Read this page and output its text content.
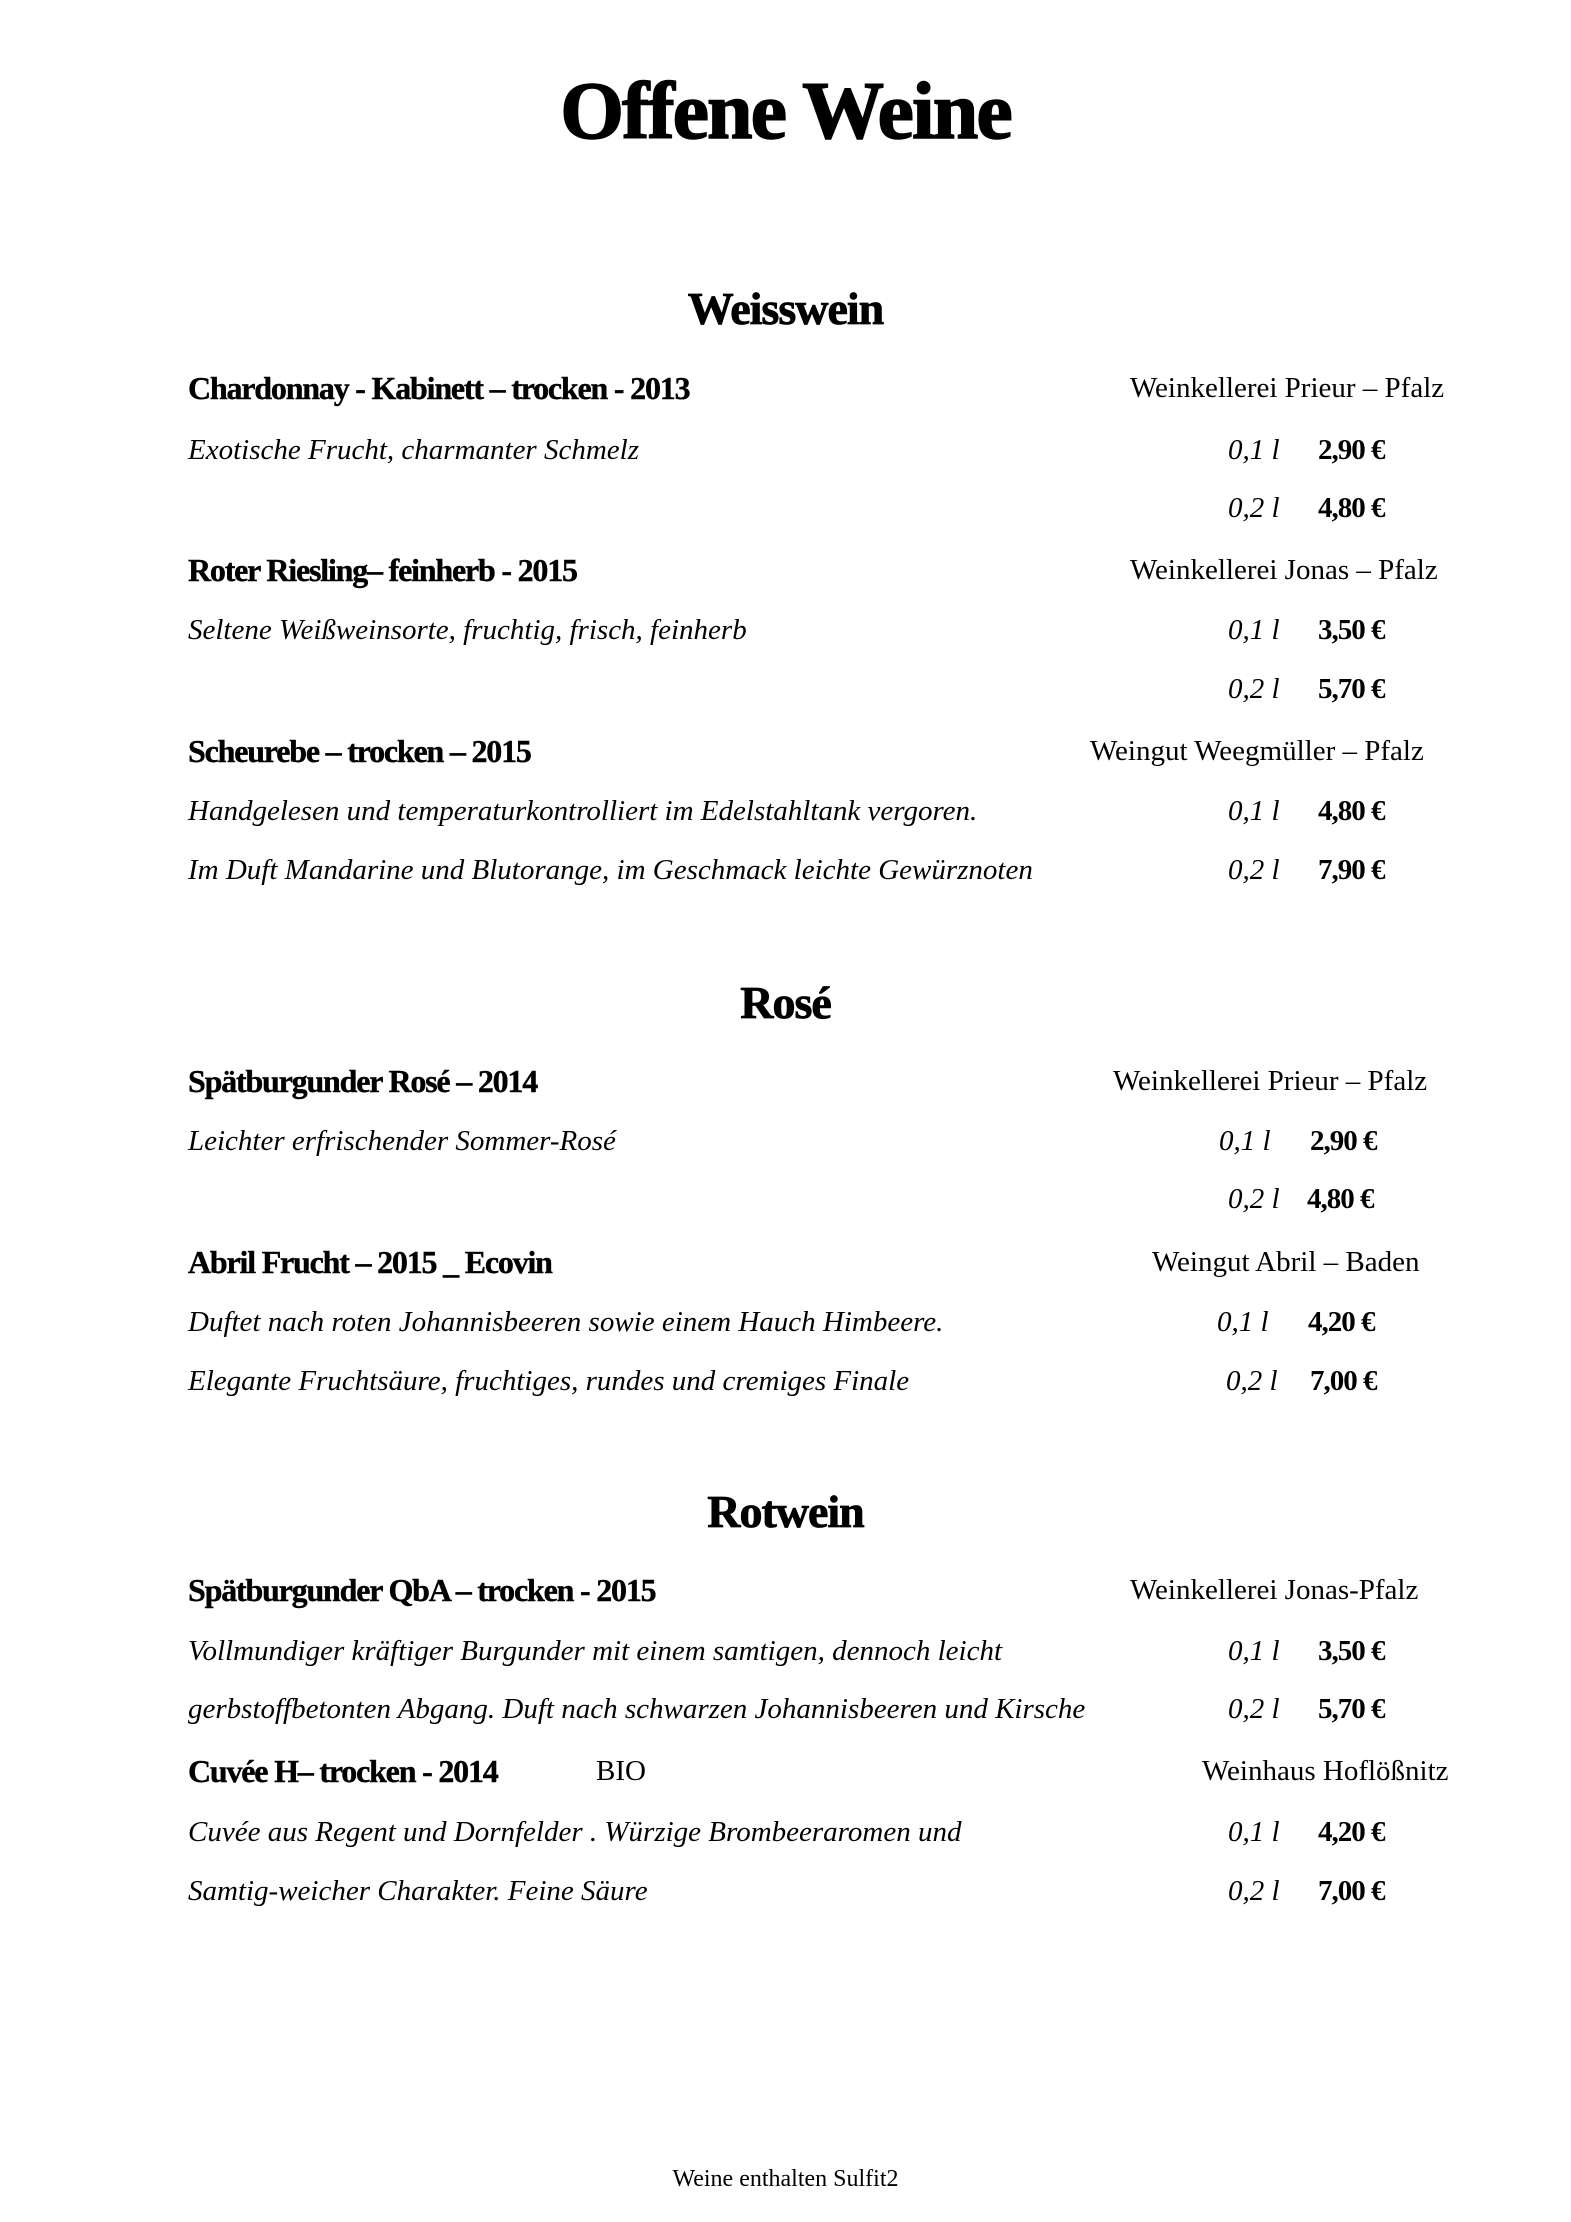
Offene Weine
Weisswein
Chardonnay - Kabinett – trocken - 2013	Weinkellerei Prieur – Pfalz
Exotische Frucht, charmanter Schmelz	0,1 l 2,90 €
0,2 l 4,80 €
Roter Riesling– feinherb - 2015	Weinkellerei Jonas – Pfalz
Seltene Weißweinsorte, fruchtig, frisch, feinherb	0,1 l 3,50 €
0,2 l 5,70 €
Scheurebe – trocken – 2015	Weingut Weegmüller – Pfalz
Handgelesen und temperaturkontrolliert im Edelstahltank vergoren.	0,1 l 4,80 €
Im Duft Mandarine und Blutorange, im Geschmack leichte Gewürznoten	0,2 l 7,90 €
Rosé
Spätburgunder Rosé – 2014	Weinkellerei Prieur – Pfalz
Leichter erfrischender Sommer-Rosé	0,1 l 2,90 €
0,2 l 4,80 €
Abril Frucht – 2015 _ Ecovin	Weingut Abril – Baden
Duftet nach roten Johannisbeeren sowie einem Hauch Himbeere.	0,1 l 4,20 €
Elegante Fruchtsäure, fruchtiges, rundes und cremiges Finale	0,2 l 7,00 €
Rotwein
Spätburgunder QbA – trocken - 2015	Weinkellerei Jonas-Pfalz
Vollmundiger kräftiger Burgunder mit einem samtigen, dennoch leicht	0,1 l 3,50 €
gerbstoffbetonten Abgang. Duft nach schwarzen Johannisbeeren und Kirsche	0,2 l 5,70 €
Cuvée H– trocken - 2014	BIO	Weinhaus Hoflößnitz
Cuvée aus Regent und Dornfelder . Würzige Brombeeraromen und	0,1 l 4,20 €
Samtig-weicher Charakter. Feine Säure	0,2 l 7,00 €
Weine enthalten Sulfit2
